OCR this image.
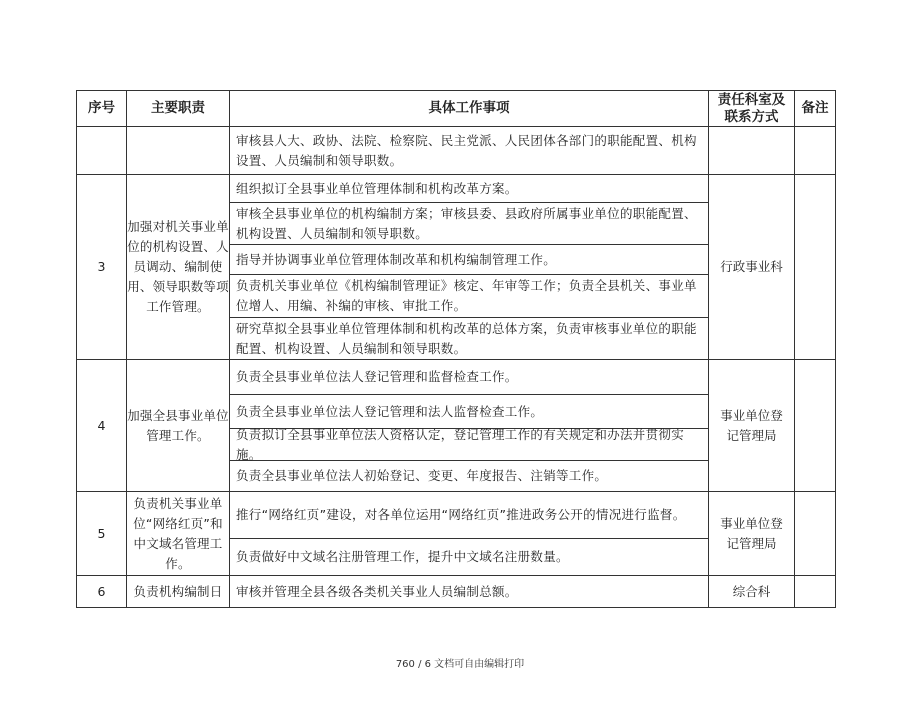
序号	主要职责	具体工作事项	责任科室及联系方式	备注

		审核县人大、政协、法院、检察院、民主党派、人民团体各部门的职能配置、机构设置、人员编制和领导职数。		

3	加强对机关事业单位的机构设置、人员调动、编制使用、领导职数等项工作管理。	组织拟订全县事业单位管理体制和机构改革方案。
审核全县事业单位的机构编制方案；审核县委、县政府所属事业单位的职能配置、机构设置、人员编制和领导职数。
指导并协调事业单位管理体制改革和机构编制管理工作。
负责机关事业单位《机构编制管理证》核定、年审等工作；负责全县机关、事业单位增人、用编、补编的审核、审批工作。
研究草拟全县事业单位管理体制和机构改革的总体方案，负责审核事业单位的职能配置、机构设置、人员编制和领导职数。	行政事业科	
4	加强全县事业单位管理工作。	负责全县事业单位法人登记管理和监督检查工作。
负责全县事业单位法人登记管理和法人监督检查工作。
负责拟订全县事业单位法人资格认定，登记管理工作的有关规定和办法并贯彻实施。
负责全县事业单位法人初始登记、变更、年度报告、注销等工作。	事业单位登记管理局	
5	负责机关事业单位“网络红页”和中文域名管理工作。	推行“网络红页”建设，对各单位运用“网络红页”推进政务公开的情况进行监督。
负责做好中文域名注册管理工作，提升中文域名注册数量。	事业单位登记管理局	
6	负责机构编制日	审核并管理全县各级各类机关事业人员编制总额。	综合科	
760 / 6 文档可自由编辑打印
